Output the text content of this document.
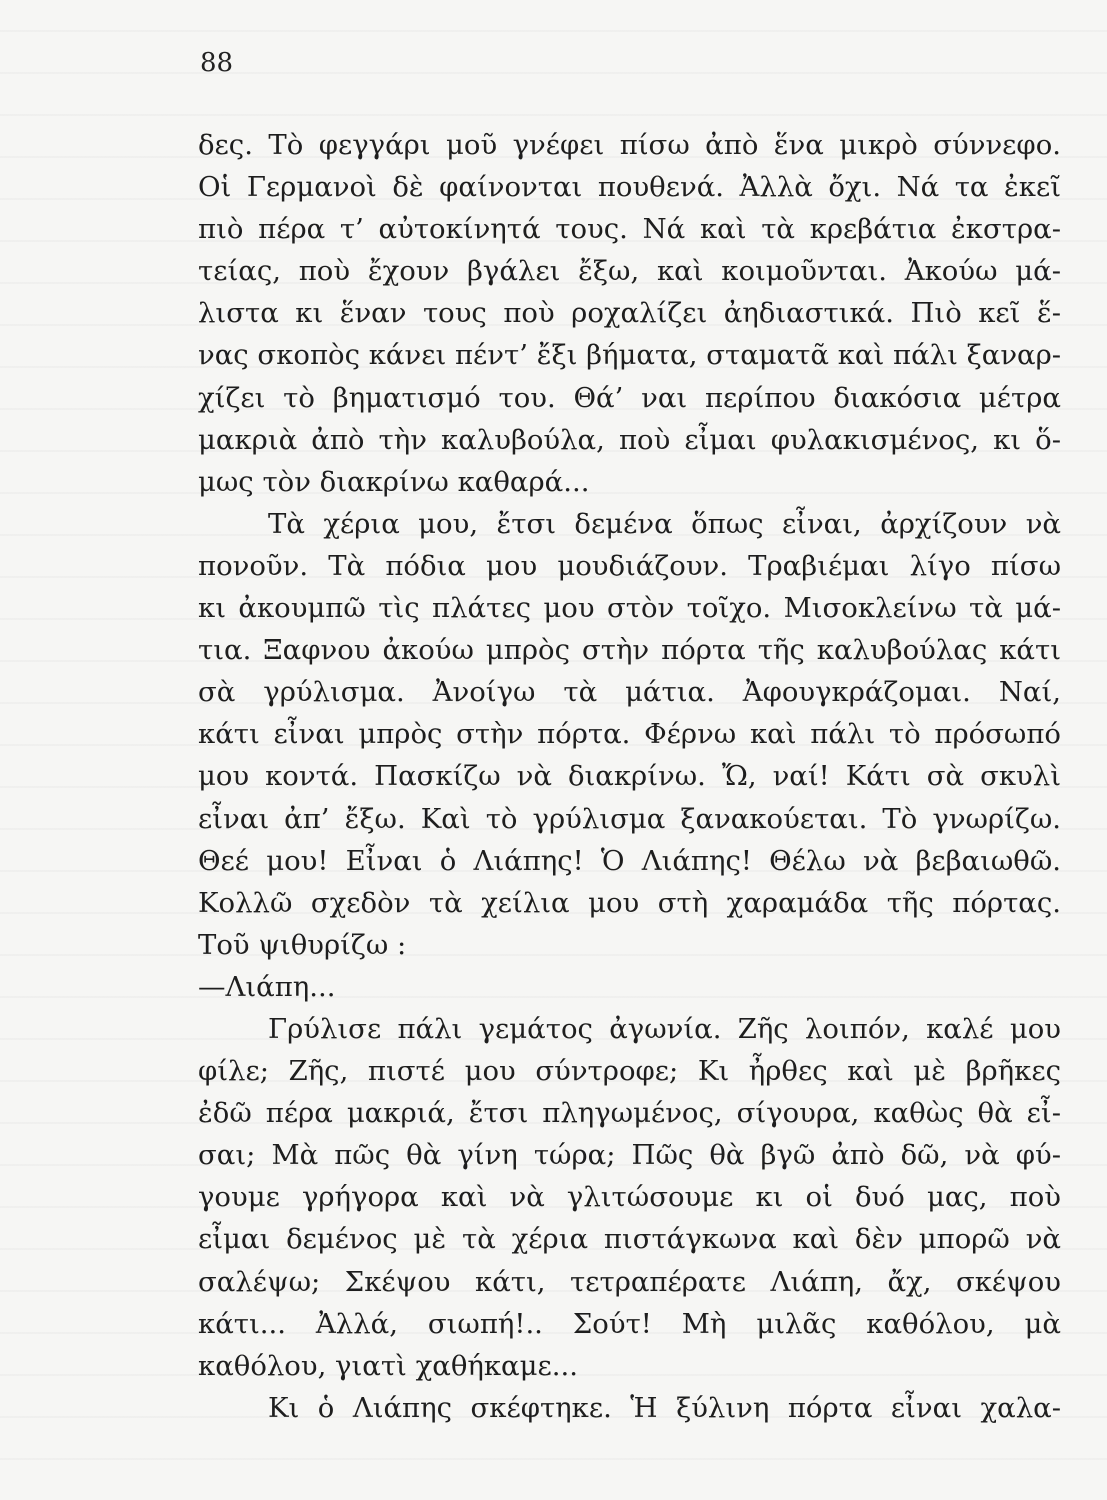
88
δες. Τὸ φεγγάρι μοῦ γνέφει πίσω ἀπὸ ἕνα μικρὸ σύννεφο.
Οἱ Γερμανοὶ δὲ φαίνονται πουθενά. Ἀλλὰ ὄχι. Νά τα ἐκεῖ
πιὸ πέρα τ’ αὐτοκίνητά τους. Νά καὶ τὰ κρεβάτια ἐκστρα-
τείας, ποὺ ἔχουν βγάλει ἔξω, καὶ κοιμοῦνται. Ἀκούω μά-
λιστα κι ἕναν τους ποὺ ροχαλίζει ἀηδιαστικά. Πιὸ κεῖ ἕ-
νας σκοπὸς κάνει πέντ’ ἔξι βήματα, σταματᾶ καὶ πάλι ξαναρ-
χίζει τὸ βηματισμό του. Θά’ ναι περίπου διακόσια μέτρα
μακριὰ ἀπὸ τὴν καλυβούλα, ποὺ εἶμαι φυλακισμένος, κι ὅ-
μως τὸν διακρίνω καθαρά...
Τὰ χέρια μου, ἔτσι δεμένα ὅπως εἶναι, ἀρχίζουν νὰ
πονοῦν. Τὰ πόδια μου μουδιάζουν. Τραβιέμαι λίγο πίσω
κι ἀκουμπῶ τὶς πλάτες μου στὸν τοῖχο. Μισοκλείνω τὰ μά-
τια. Ξαφνου ἀκούω μπρὸς στὴν πόρτα τῆς καλυβούλας κάτι
σὰ γρύλισμα. Ἀνοίγω τὰ μάτια. Ἀφουγκράζομαι. Ναί,
κάτι εἶναι μπρὸς στὴν πόρτα. Φέρνω καὶ πάλι τὸ πρόσωπό
μου κοντά. Πασκίζω νὰ διακρίνω. Ὤ, ναί! Κάτι σὰ σκυλὶ
εἶναι ἀπ’ ἔξω. Καὶ τὸ γρύλισμα ξανακούεται. Τὸ γνωρίζω.
Θεέ μου! Εἶναι ὁ Λιάπης! Ὁ Λιάπης! Θέλω νὰ βεβαιωθῶ.
Κολλῶ σχεδὸν τὰ χείλια μου στὴ χαραμάδα τῆς πόρτας.
Τοῦ ψιθυρίζω :
—Λιάπη...
Γρύλισε πάλι γεμάτος ἀγωνία. Ζῆς λοιπόν, καλέ μου
φίλε; Ζῆς, πιστέ μου σύντροφε; Κι ἦρθες καὶ μὲ βρῆκες
ἐδῶ πέρα μακριά, ἔτσι πληγωμένος, σίγουρα, καθὼς θὰ εἶ-
σαι; Μὰ πῶς θὰ γίνη τώρα; Πῶς θὰ βγῶ ἀπὸ δῶ, νὰ φύ-
γουμε γρήγορα καὶ νὰ γλιτώσουμε κι οἱ δυό μας, ποὺ
εἶμαι δεμένος μὲ τὰ χέρια πιστάγκωνα καὶ δὲν μπορῶ νὰ
σαλέψω; Σκέψου κάτι, τετραπέρατε Λιάπη, ἄχ, σκέψου
κάτι... Ἀλλά, σιωπή!.. Σούτ! Μὴ μιλᾶς καθόλου, μὰ
καθόλου, γιατὶ χαθήκαμε...
Κι ὁ Λιάπης σκέφτηκε. Ἡ ξύλινη πόρτα εἶναι χαλα-
